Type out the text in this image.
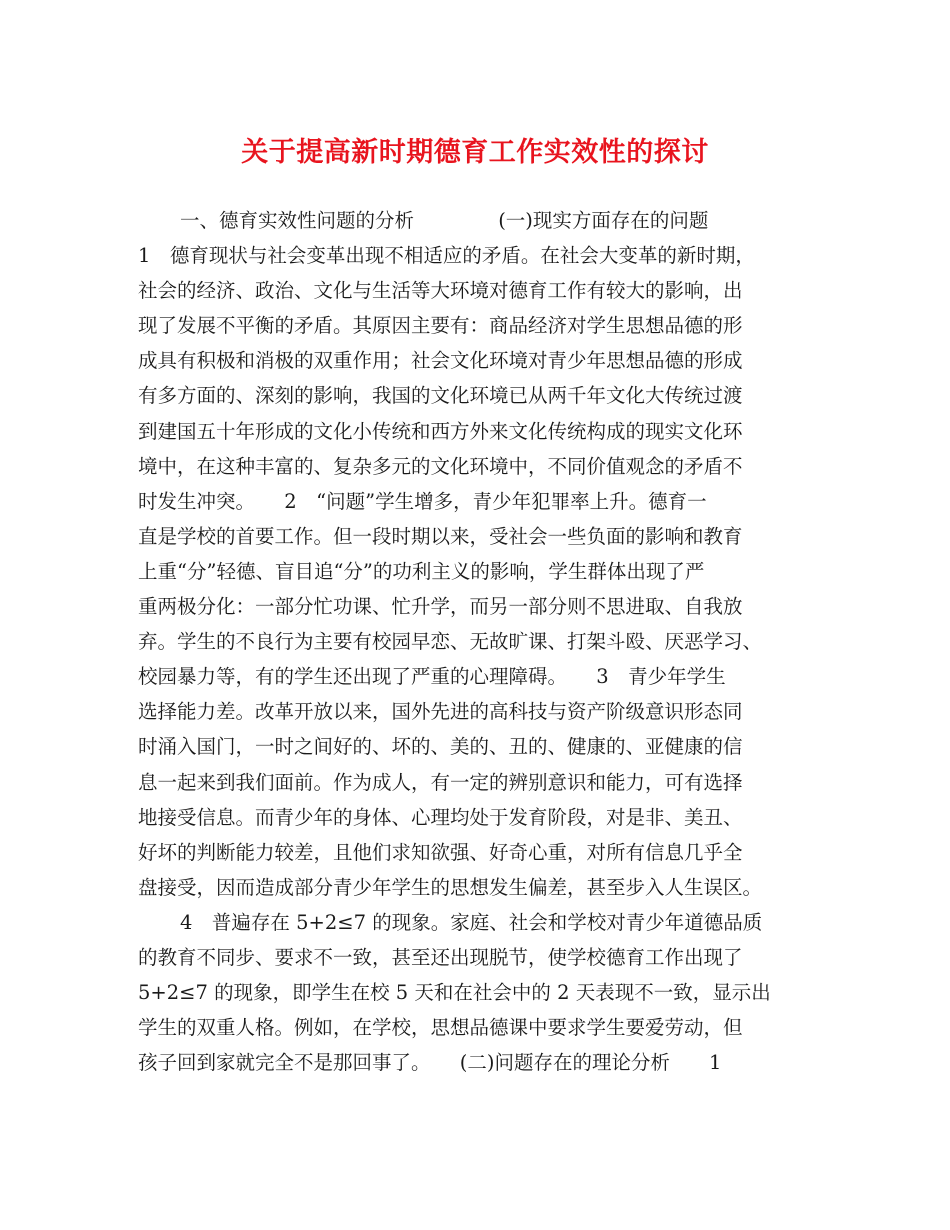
关于提高新时期德育工作实效性的探讨
一、德育实效性问题的分析　　　　 (一)现实方面存在的问题
1　德育现状与社会变革出现不相适应的矛盾。在社会大变革的新时期，
社会的经济、政治、文化与生活等大环境对德育工作有较大的影响，出
现了发展不平衡的矛盾。其原因主要有：商品经济对学生思想品德的形
成具有积极和消极的双重作用；社会文化环境对青少年思想品德的形成
有多方面的、深刻的影响，我国的文化环境已从两千年文化大传统过渡
到建国五十年形成的文化小传统和西方外来文化传统构成的现实文化环
境中，在这种丰富的、复杂多元的文化环境中，不同价值观念的矛盾不
时发生冲突。　　2　“问题”学生增多，青少年犯罪率上升。德育一
直是学校的首要工作。但一段时期以来，受社会一些负面的影响和教育
上重“分”轻德、盲目追“分”的功利主义的影响，学生群体出现了严
重两极分化：一部分忙功课、忙升学，而另一部分则不思进取、自我放
弃。学生的不良行为主要有校园早恋、无故旷课、打架斗殴、厌恶学习、
校园暴力等，有的学生还出现了严重的心理障碍。　　3　青少年学生
选择能力差。改革开放以来，国外先进的高科技与资产阶级意识形态同
时涌入国门，一时之间好的、坏的、美的、丑的、健康的、亚健康的信
息一起来到我们面前。作为成人，有一定的辨别意识和能力，可有选择
地接受信息。而青少年的身体、心理均处于发育阶段，对是非、美丑、
好坏的判断能力较差，且他们求知欲强、好奇心重，对所有信息几乎全
盘接受，因而造成部分青少年学生的思想发生偏差，甚至步入人生误区。
4　普遍存在 5+2≤7 的现象。家庭、社会和学校对青少年道德品质
的教育不同步、要求不一致，甚至还出现脱节，使学校德育工作出现了
5+2≤7 的现象，即学生在校 5 天和在社会中的 2 天表现不一致，显示出
学生的双重人格。例如，在学校，思想品德课中要求学生要爱劳动，但
孩子回到家就完全不是那回事了。　　(二)问题存在的理论分析　　1
